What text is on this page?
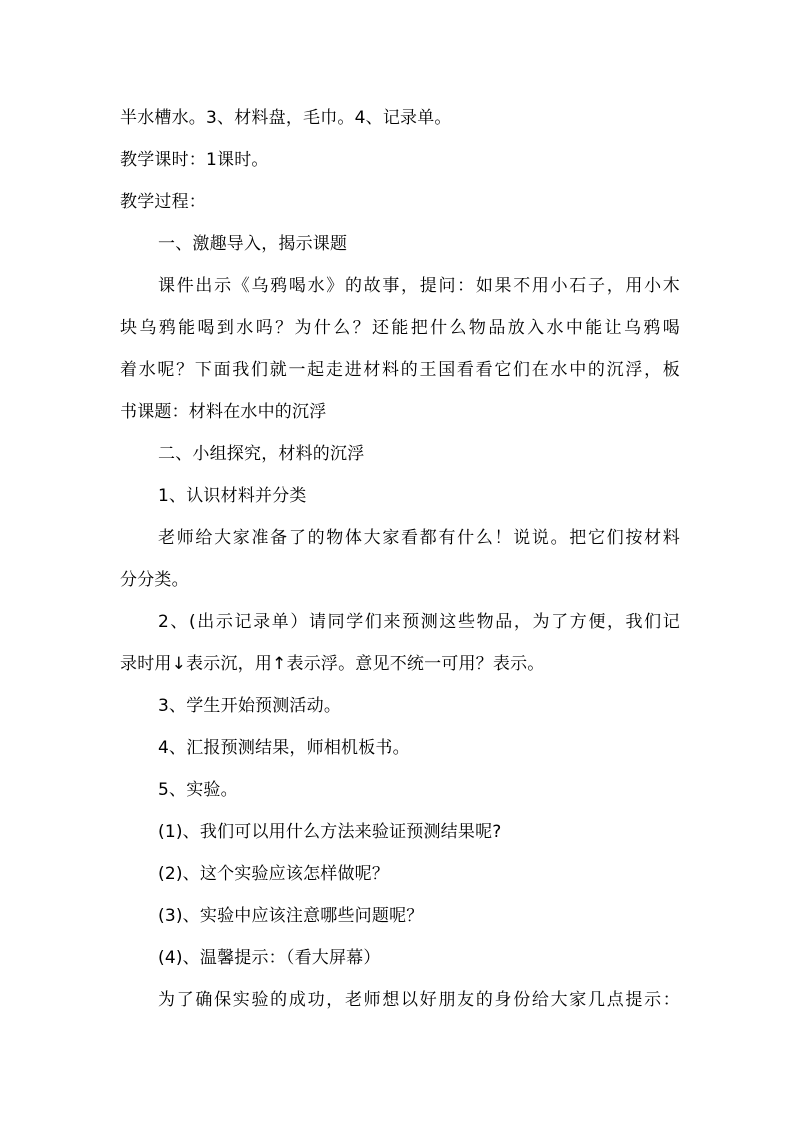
半水槽水。3、材料盘，毛巾。4、记录单。
教学课时：1课时。
教学过程：
一、激趣导入，揭示课题
课件出示《乌鸦喝水》的故事，提问：如果不用小石子，用小木
块乌鸦能喝到水吗？为什么？还能把什么物品放入水中能让乌鸦喝
着水呢？下面我们就一起走进材料的王国看看它们在水中的沉浮，板
书课题：材料在水中的沉浮
二、小组探究，材料的沉浮
1、认识材料并分类
老师给大家准备了的物体大家看都有什么！说说。把它们按材料
分分类。
2、(出示记录单）请同学们来预测这些物品，为了方便，我们记
录时用↓表示沉，用↑表示浮。意见不统一可用？表示。
3、学生开始预测活动。
4、汇报预测结果，师相机板书。
5、实验。
(1)、我们可以用什么方法来验证预测结果呢?
(2)、这个实验应该怎样做呢？
(3)、实验中应该注意哪些问题呢？
(4)、温馨提示：（看大屏幕）
为了确保实验的成功，老师想以好朋友的身份给大家几点提示：
